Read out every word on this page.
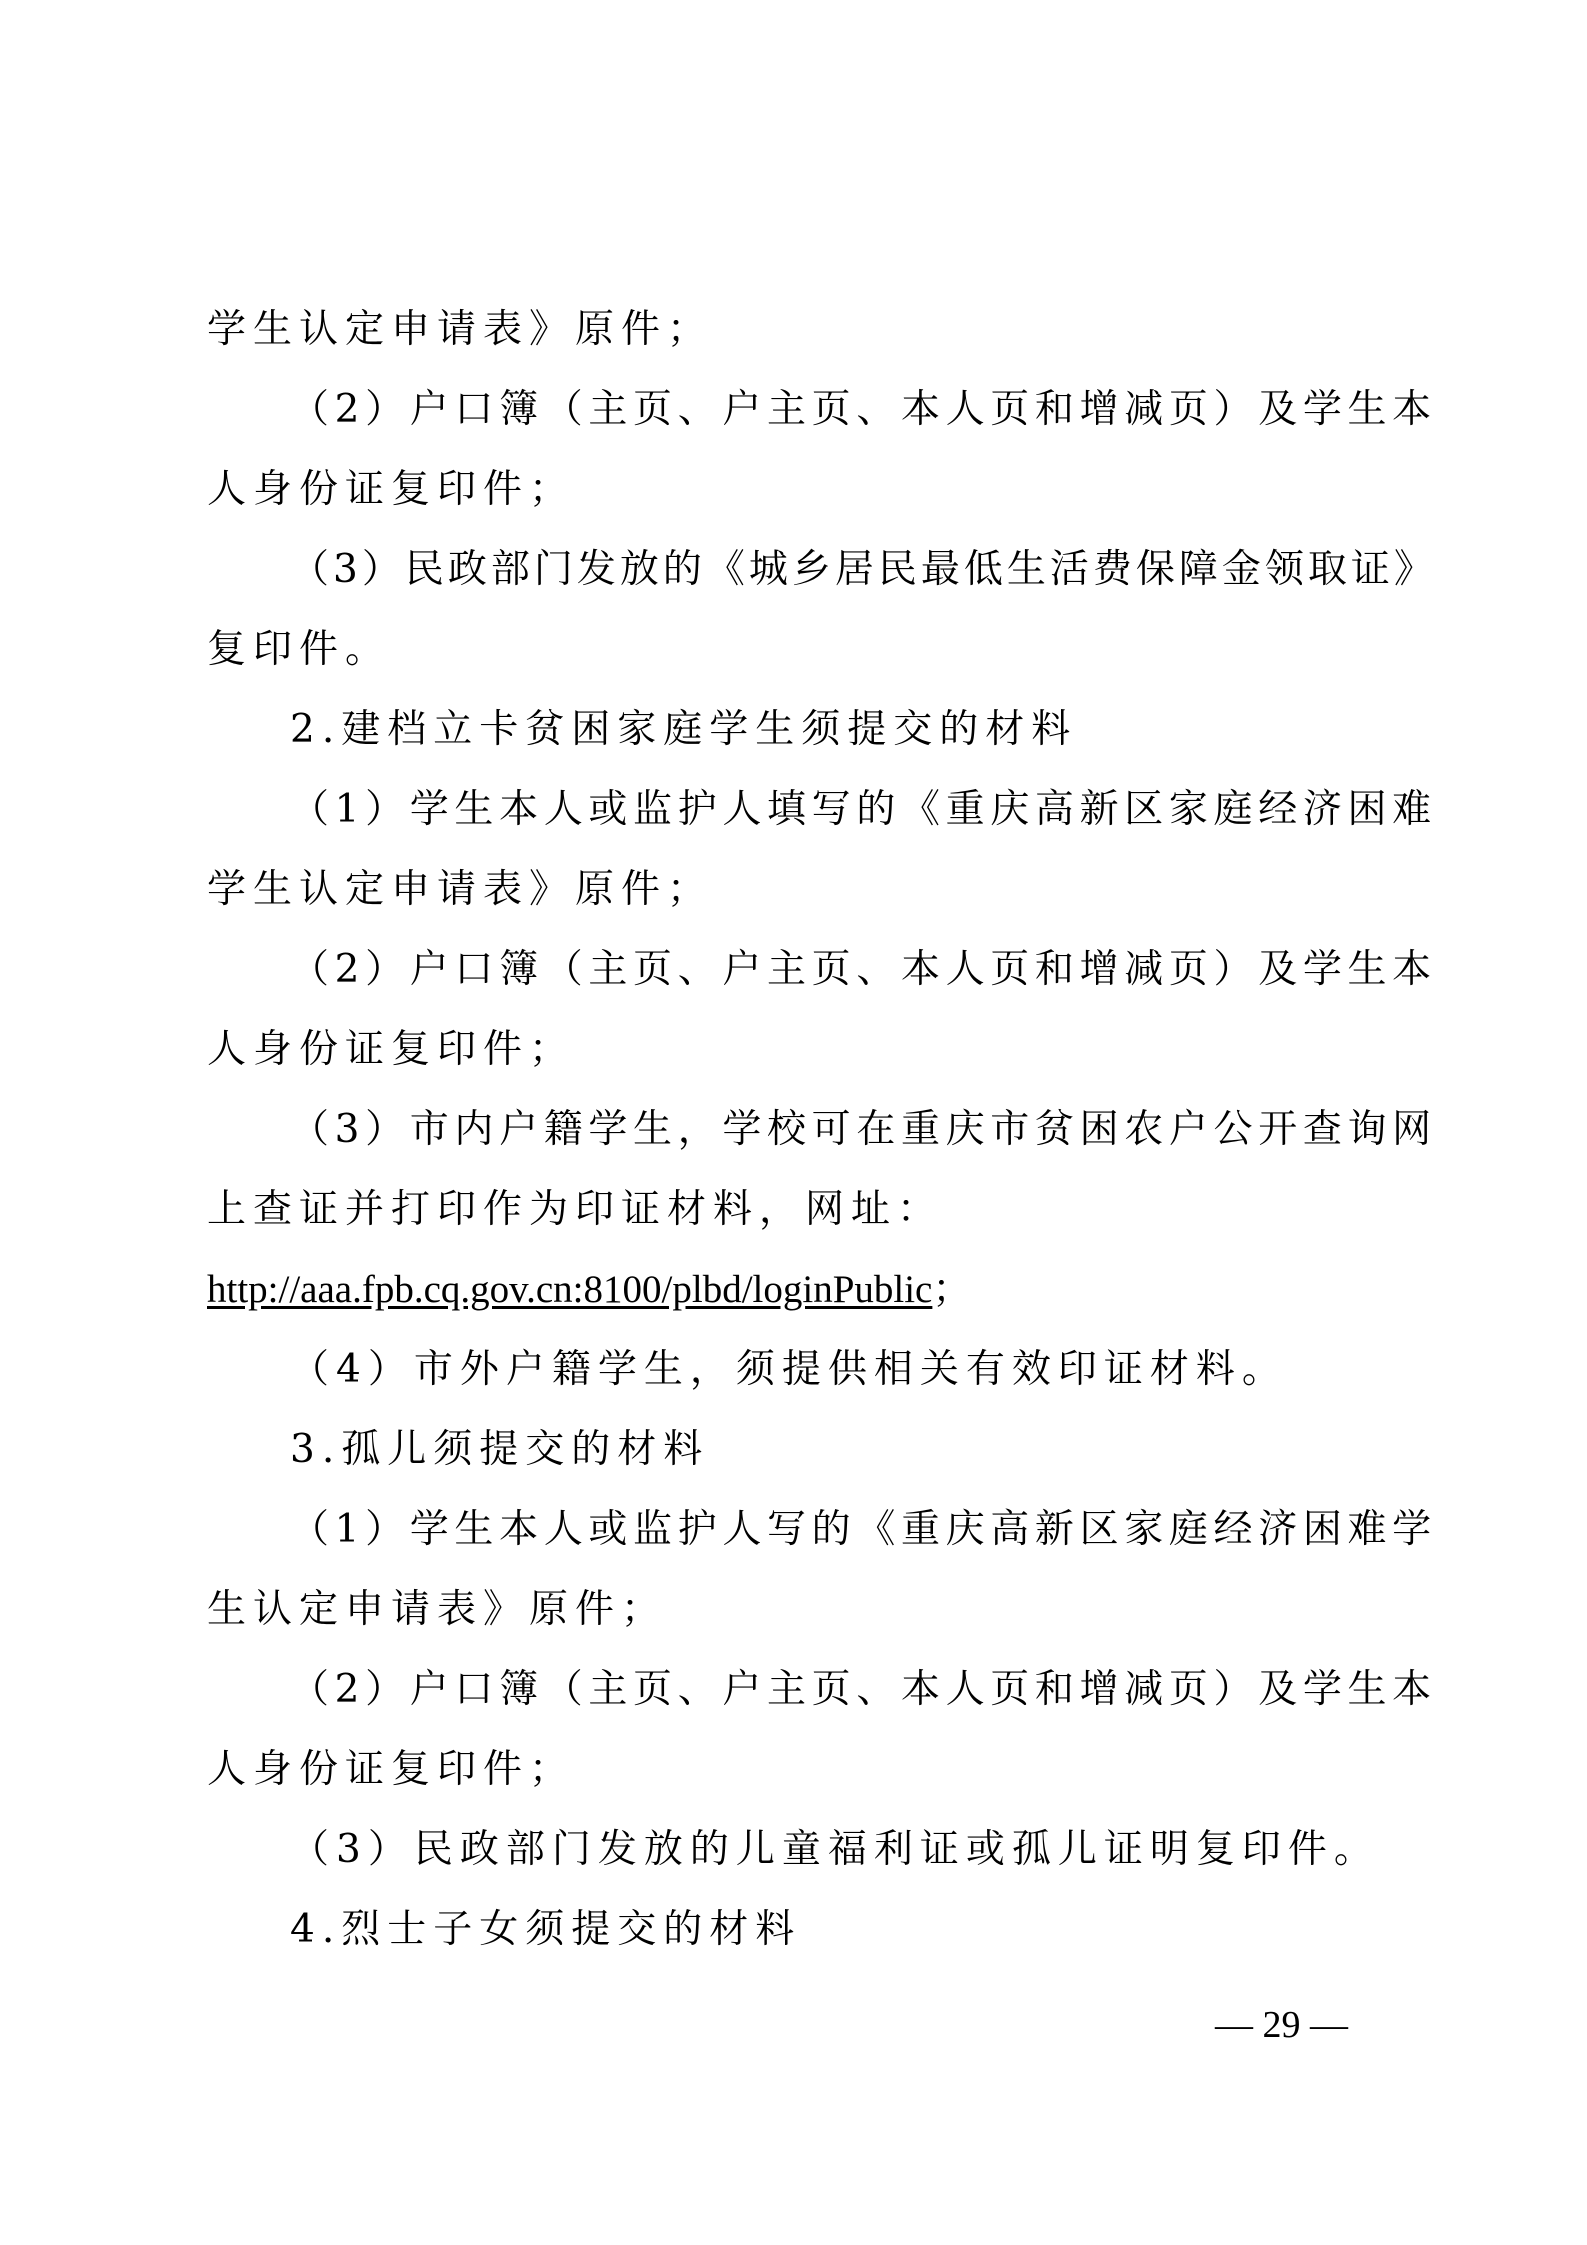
学生认定申请表》原件；
（2）户口簿（主页、户主页、本人页和增减页）及学生本
人身份证复印件；
（3）民政部门发放的《城乡居民最低生活费保障金领取证》
复印件。
2.建档立卡贫困家庭学生须提交的材料
（1）学生本人或监护人填写的《重庆高新区家庭经济困难
学生认定申请表》原件；
（2）户口簿（主页、户主页、本人页和增减页）及学生本
人身份证复印件；
（3）市内户籍学生，学校可在重庆市贫困农户公开查询网
上查证并打印作为印证材料，网址：
http://aaa.fpb.cq.gov.cn:8100/plbd/loginPublic；
（4）市外户籍学生，须提供相关有效印证材料。
3.孤儿须提交的材料
（1）学生本人或监护人写的《重庆高新区家庭经济困难学
生认定申请表》原件；
（2）户口簿（主页、户主页、本人页和增减页）及学生本
人身份证复印件；
（3）民政部门发放的儿童福利证或孤儿证明复印件。
4.烈士子女须提交的材料
— 29 —
